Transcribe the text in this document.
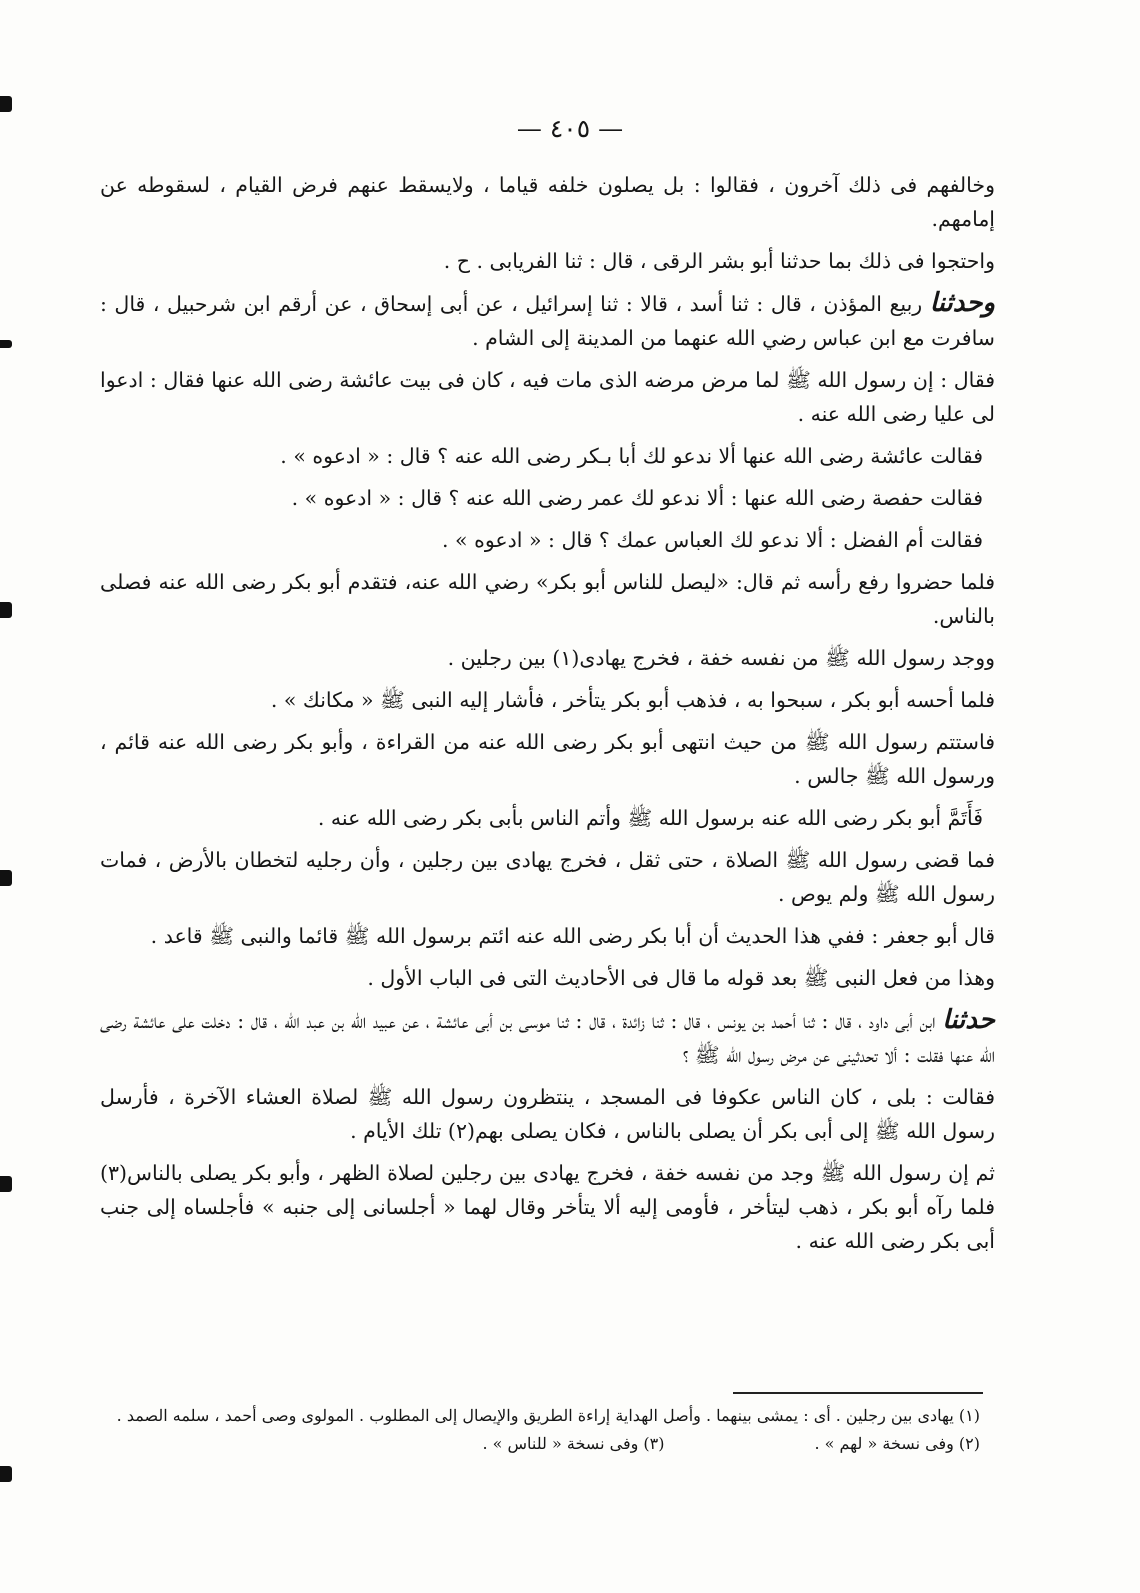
— ٤٠٥ —

وخالفهم فى ذلك آخرون ، فقالوا : بل يصلون خلفه قياما ، ولايسقط عنهم فرض القيام ، لسقوطه عن إمامهم.

واحتجوا فى ذلك بما حدثنا أبو بشر الرقى ، قال : ثنا الفريابى . ح .

وحدثنا ربيع المؤذن ، قال : ثنا أسد ، قالا : ثنا إسرائيل ، عن أبى إسحاق ، عن أرقم ابن شرحبيل ، قال : سافرت مع ابن عباس رضي الله عنهما من المدينة إلى الشام .

فقال : إن رسول الله ﷺ لما مرض مرضه الذى مات فيه ، كان فى بيت عائشة رضى الله عنها فقال : ادعوا لى عليا رضى الله عنه .

فقالت عائشة رضى الله عنها ألا ندعو لك أبا بـكر رضى الله عنه ؟ قال : « ادعوه » .

فقالت حفصة رضى الله عنها : ألا ندعو لك عمر رضى الله عنه ؟ قال : « ادعوه » .

فقالت أم الفضل : ألا ندعو لك العباس عمك ؟ قال : « ادعوه » .

فلما حضروا رفع رأسه ثم قال: «ليصل للناس أبو بكر» رضي الله عنه، فتقدم أبو بكر رضى الله عنه فصلى بالناس.

ووجد رسول الله ﷺ من نفسه خفة ، فخرج يهادى(١) بين رجلين .

فلما أحسه أبو بكر ، سبحوا به ، فذهب أبو بكر يتأخر ، فأشار إليه النبى ﷺ « مكانك » .

فاستتم رسول الله ﷺ من حيث انتهى أبو بكر رضى الله عنه من القراءة ، وأبو بكر رضى الله عنه قائم ، ورسول الله ﷺ جالس .

فَأَتَمَّ أبو بكر رضى الله عنه برسول الله ﷺ وأتم الناس بأبى بكر رضى الله عنه .

فما قضى رسول الله ﷺ الصلاة ، حتى ثقل ، فخرج يهادى بين رجلين ، وأن رجليه لتخطان بالأرض ، فمات رسول الله ﷺ ولم يوص .

قال أبو جعفر : ففي هذا الحديث أن أبا بكر رضى الله عنه ائتم برسول الله ﷺ قائما والنبى ﷺ قاعد .

وهذا من فعل النبى ﷺ بعد قوله ما قال فى الأحاديث التى فى الباب الأول .

حدثنا ابن أبى داود ، قال : ثنا أحمد بن يونس ، قال : ثنا زائدة ، قال : ثنا موسى بن أبى عائشة ، عن عبيد الله بن عبد الله ، قال : دخلت على عائشة رضى الله عنها فقلت : ألا تحدثينى عن مرض رسول الله ﷺ ؟

فقالت : بلى ، كان الناس عكوفا فى المسجد ، ينتظرون رسول الله ﷺ لصلاة العشاء الآخرة ، فأرسل رسول الله ﷺ إلى أبى بكر أن يصلى بالناس ، فكان يصلى بهم(٢) تلك الأيام .

ثم إن رسول الله ﷺ وجد من نفسه خفة ، فخرج يهادى بين رجلين لصلاة الظهر ، وأبو بكر يصلى بالناس(٣) فلما رآه أبو بكر ، ذهب ليتأخر ، فأومى إليه ألا يتأخر وقال لهما « أجلسانى إلى جنبه » فأجلساه إلى جنب أبى بكر رضى الله عنه .

(١) يهادى بين رجلين . أى : يمشى بينهما . وأصل الهداية إراءة الطريق والإيصال إلى المطلوب . المولوى وصى أحمد ، سلمه الصمد .
(٢) وفى نسخة « لهم » .
(٣) وفى نسخة « للناس » .
